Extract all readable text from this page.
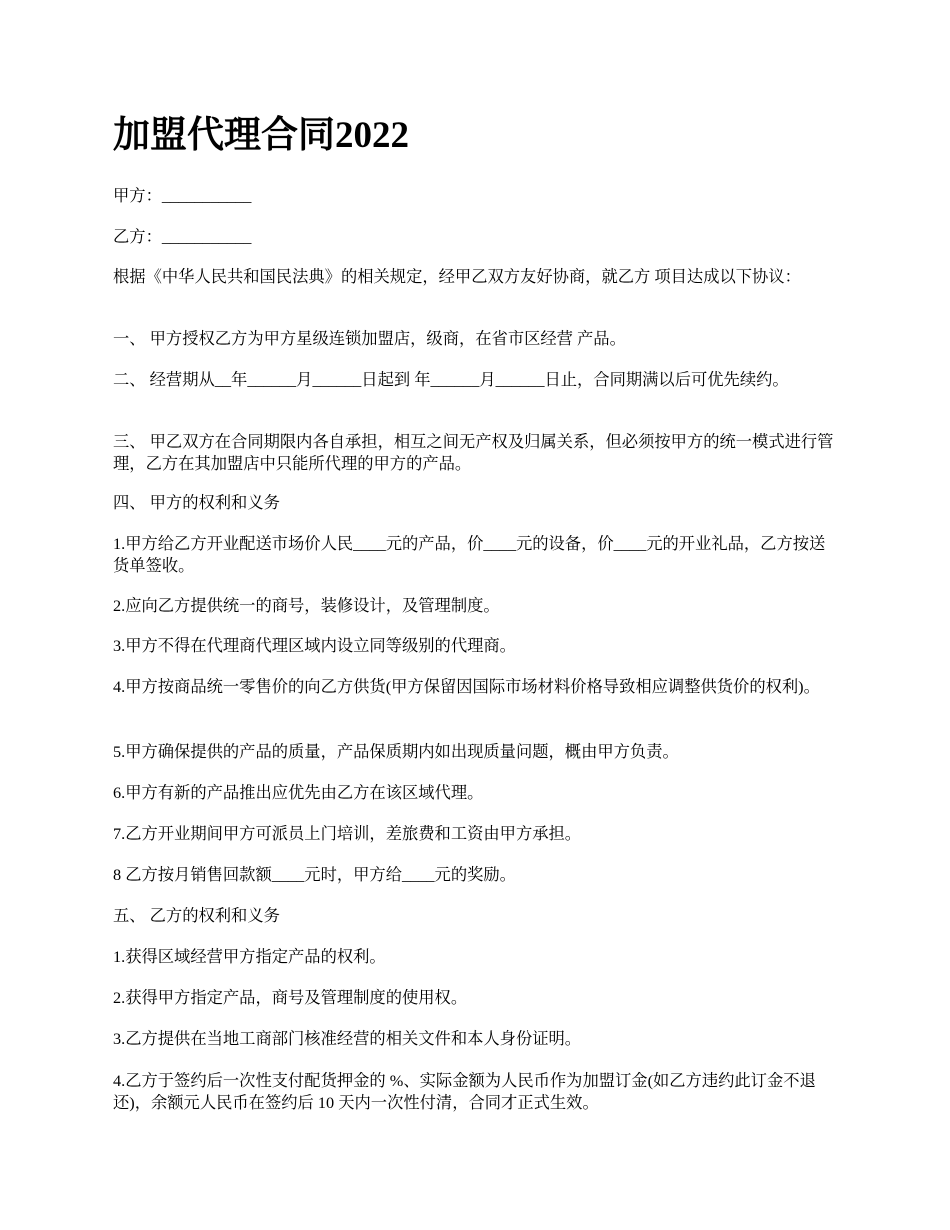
加盟代理合同2022

甲方：___________

乙方：___________

根据《中华人民共和国民法典》的相关规定，经甲乙双方友好协商，就乙方 项目达成以下协议：

一、 甲方授权乙方为甲方星级连锁加盟店，级商，在省市区经营 产品。

二、 经营期从__年______月______日起到 年______月______日止，合同期满以后可优先续约。

三、 甲乙双方在合同期限内各自承担，相互之间无产权及归属关系，但必须按甲方的统一模式进行管理，乙方在其加盟店中只能所代理的甲方的产品。

四、 甲方的权利和义务

1.甲方给乙方开业配送市场价人民____元的产品，价____元的设备，价____元的开业礼品，乙方按送货单签收。

2.应向乙方提供统一的商号，装修设计，及管理制度。

3.甲方不得在代理商代理区域内设立同等级别的代理商。

4.甲方按商品统一零售价的向乙方供货(甲方保留因国际市场材料价格导致相应调整供货价的权利)。

5.甲方确保提供的产品的质量，产品保质期内如出现质量问题，概由甲方负责。

6.甲方有新的产品推出应优先由乙方在该区域代理。

7.乙方开业期间甲方可派员上门培训，差旅费和工资由甲方承担。

8 乙方按月销售回款额____元时，甲方给____元的奖励。

五、 乙方的权利和义务

1.获得区域经营甲方指定产品的权利。

2.获得甲方指定产品，商号及管理制度的使用权。

3.乙方提供在当地工商部门核准经营的相关文件和本人身份证明。

4.乙方于签约后一次性支付配货押金的 %、实际金额为人民币作为加盟订金(如乙方违约此订金不退还)，余额元人民币在签约后 10 天内一次性付清，合同才正式生效。
